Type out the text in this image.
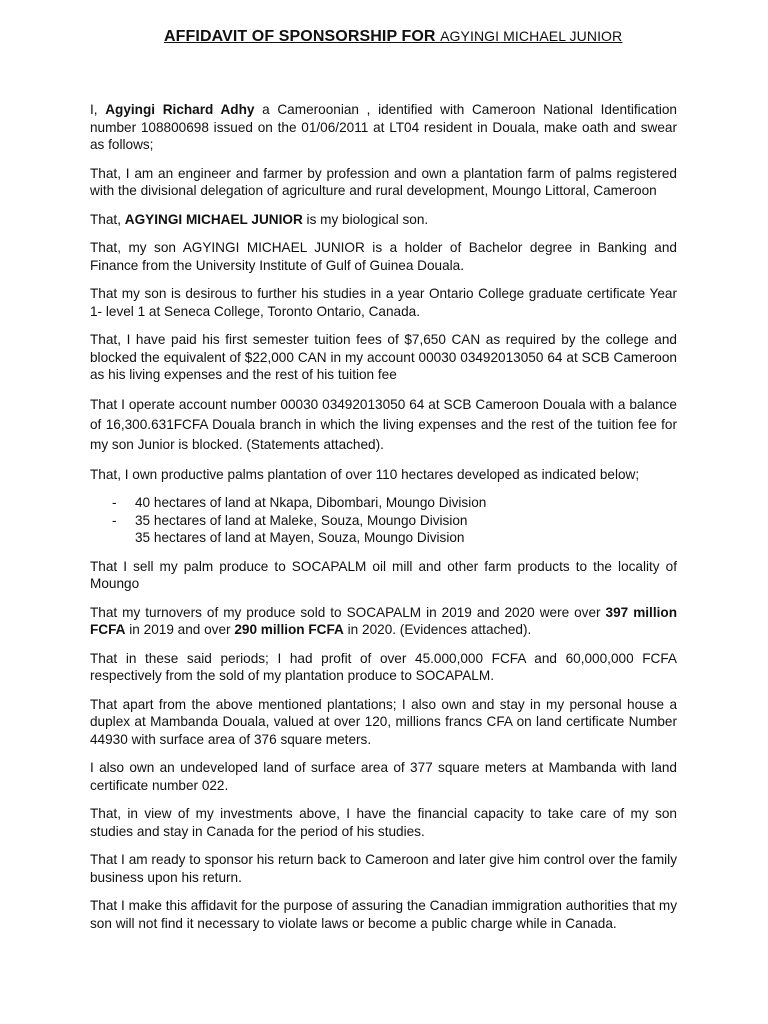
AFFIDAVIT OF SPONSORSHIP FOR AGYINGI MICHAEL JUNIOR

I, Agyingi Richard Adhy a Cameroonian , identified with Cameroon National Identification number 108800698 issued on the 01/06/2011 at LT04 resident in Douala, make oath and swear as follows;

That, I am an engineer and farmer by profession and own a plantation farm of palms registered with the divisional delegation of agriculture and rural development, Moungo Littoral, Cameroon

That, AGYINGI MICHAEL JUNIOR is my biological son.

That, my son AGYINGI MICHAEL JUNIOR is a holder of Bachelor degree in Banking and Finance from the University Institute of Gulf of Guinea Douala.

That my son is desirous to further his studies in a year Ontario College graduate certificate Year 1- level 1 at Seneca College, Toronto Ontario, Canada.

That, I have paid his first semester tuition fees of $7,650 CAN as required by the college and blocked the equivalent of $22,000 CAN in my account 00030 03492013050 64 at SCB Cameroon as his living expenses and the rest of his tuition fee

That I operate account number 00030 03492013050 64 at SCB Cameroon Douala with a balance of 16,300.631FCFA Douala branch in which the living expenses and the rest of the tuition fee for my son Junior is blocked. (Statements attached).

That, I own productive palms plantation of over 110 hectares developed as indicated below;

- 40 hectares of land at Nkapa, Dibombari, Moungo Division
- 35 hectares of land at Maleke, Souza, Moungo Division
35 hectares of land at Mayen, Souza, Moungo Division

That I sell my palm produce to SOCAPALM oil mill and other farm products to the locality of Moungo

That my turnovers of my produce sold to SOCAPALM in 2019 and 2020 were over 397 million FCFA in 2019 and over 290 million FCFA in 2020. (Evidences attached).

That in these said periods; I had profit of over 45.000,000 FCFA and 60,000,000 FCFA respectively from the sold of my plantation produce to SOCAPALM.

That apart from the above mentioned plantations; I also own and stay in my personal house a duplex at Mambanda Douala, valued at over 120, millions francs CFA on land certificate Number 44930 with surface area of 376 square meters.

I also own an undeveloped land of surface area of 377 square meters at Mambanda with land certificate number 022.

That, in view of my investments above, I have the financial capacity to take care of my son studies and stay in Canada for the period of his studies.

That I am ready to sponsor his return back to Cameroon and later give him control over the family business upon his return.

That I make this affidavit for the purpose of assuring the Canadian immigration authorities that my son will not find it necessary to violate laws or become a public charge while in Canada.
